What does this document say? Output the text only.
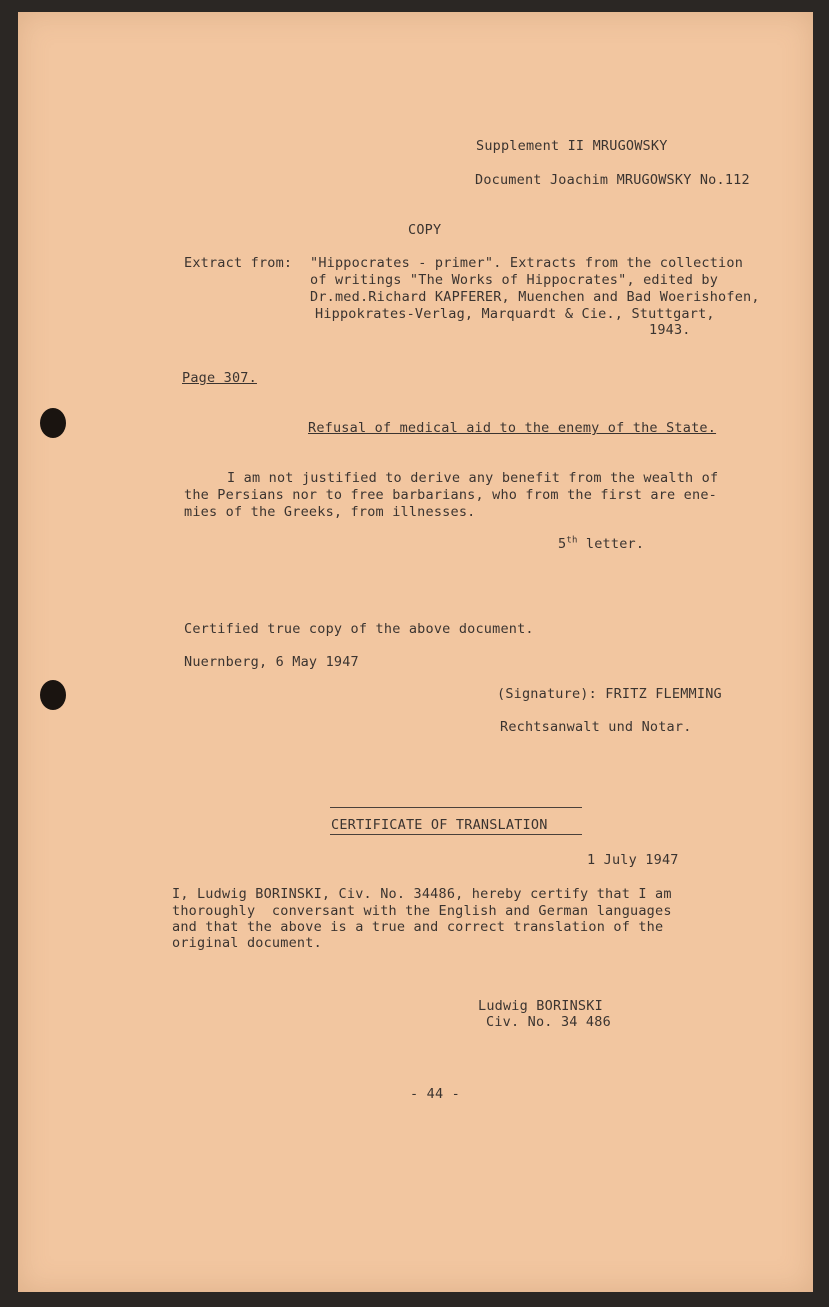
Supplement II MRUGOWSKY
Document Joachim MRUGOWSKY No.112
COPY
Extract from: "Hippocrates - primer". Extracts from the collection
of writings "The Works of Hippocrates", edited by
Dr.med.Richard KAPFERER, Muenchen and Bad Woerishofen,
Hippokrates-Verlag, Marquardt & Cie., Stuttgart,
1943.
Page 307.
Refusal of medical aid to the enemy of the State.
I am not justified to derive any benefit from the wealth of
the Persians nor to free barbarians, who from the first are ene-
mies of the Greeks, from illnesses.
5th letter.
Certified true copy of the above document.
Nuernberg, 6 May 1947
(Signature): FRITZ FLEMMING
Rechtsanwalt und Notar.
CERTIFICATE OF TRANSLATION
1 July 1947
I, Ludwig BORINSKI, Civ. No. 34486, hereby certify that I am
thoroughly  conversant with the English and German languages
and that the above is a true and correct translation of the
original document.
Ludwig BORINSKI
Civ. No. 34 486
- 44 -
